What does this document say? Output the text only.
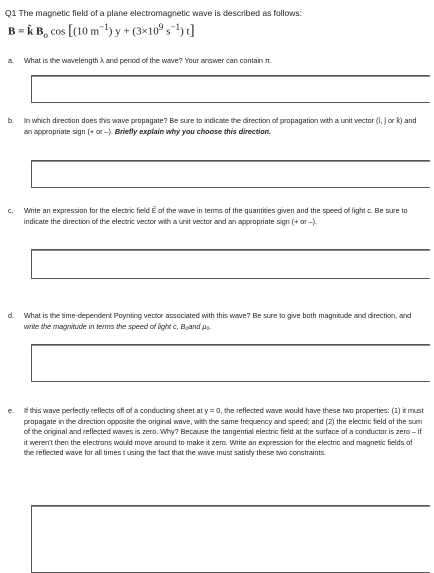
Q1 The magnetic field of a plane electromagnetic wave is described as follows:
B = k̂ $B_o$ cos [(10 $m^{-1}$) $y + (3\times 10^9$ $s^{-1}$) t]
a. What is the wavelength λ and period of the wave? Your answer can contain π.
b. In which direction does this wave propagate? Be sure to indicate the direction of propagation with a unit vector (î, ĵ or k̂) and an appropriate sign (+ or –). Briefly explain why you choose this direction.
c. Write an expression for the electric field E⃗ of the wave in terms of the quantities given and the speed of light c. Be sure to indicate the direction of the electric vector with a unit vector and an appropriate sign (+ or –).
d. What is the time-dependent Poynting vector associated with this wave? Be sure to give both magnitude and direction, and write the magnitude in terms the speed of light c, B₀and μ₀.
e. If this wave perfectly reflects off of a conducting sheet at y = 0, the reflected wave would have these two properties: (1) it must propagate in the direction opposite the original wave, with the same frequency and speed; and (2) the electric field of the sum of the original and reflected waves is zero. Why? Because the tangential electric field at the surface of a conductor is zero – if it weren’t then the electrons would move around to make it zero. Write an expression for the electric and magnetic fields of the reflected wave for all times t using the fact that the wave must satisfy these two constraints.
